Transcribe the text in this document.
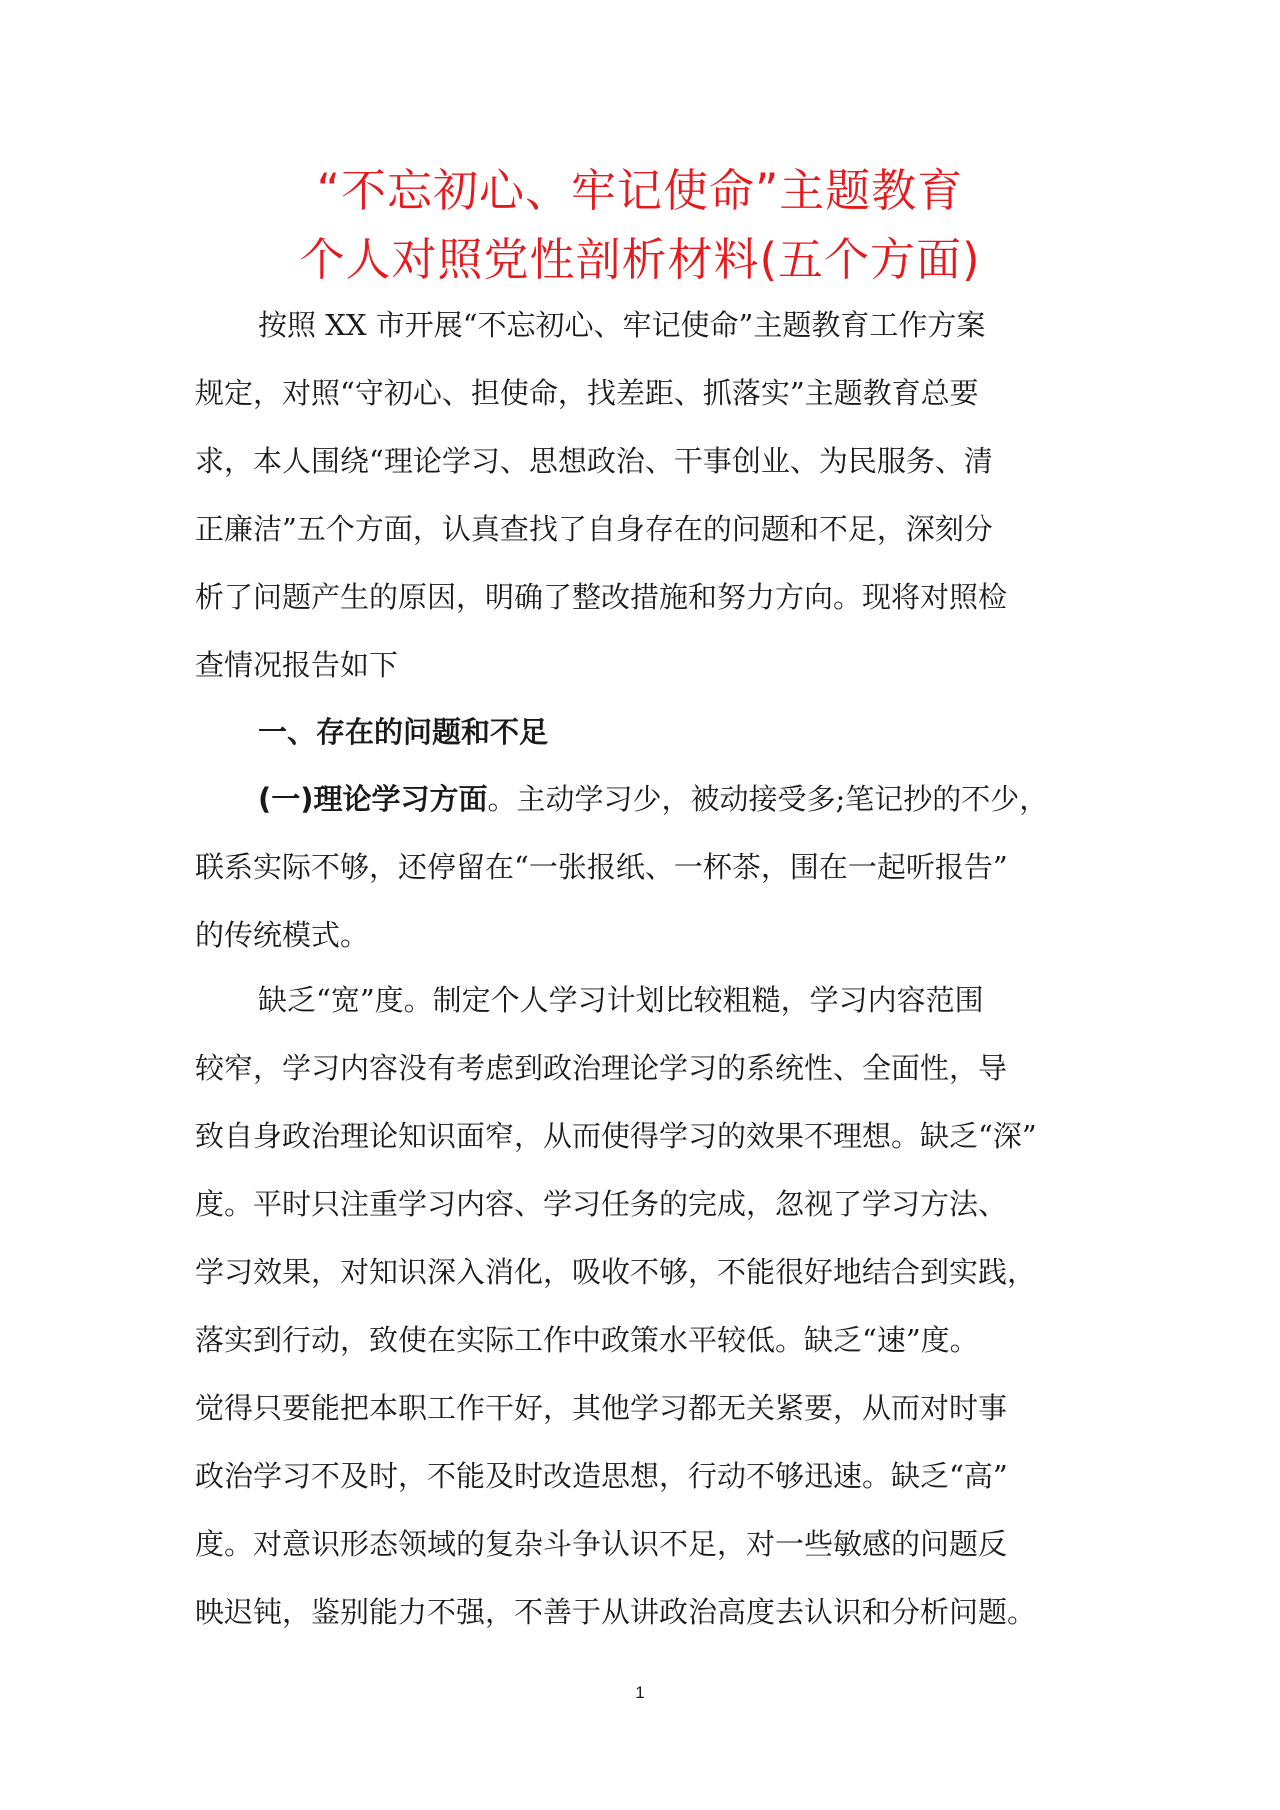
“不忘初心、牢记使命”主题教育
个人对照党性剖析材料(五个方面)
按照 XX 市开展“不忘初心、牢记使命”主题教育工作方案
规定，对照“守初心、担使命，找差距、抓落实”主题教育总要
求，本人围绕“理论学习、思想政治、干事创业、为民服务、清
正廉洁”五个方面，认真查找了自身存在的问题和不足，深刻分
析了问题产生的原因，明确了整改措施和努力方向。现将对照检
查情况报告如下
一、存在的问题和不足
(一)理论学习方面。主动学习少，被动接受多;笔记抄的不少，
联系实际不够，还停留在“一张报纸、一杯茶，围在一起听报告”
的传统模式。
缺乏“宽”度。制定个人学习计划比较粗糙，学习内容范围
较窄，学习内容没有考虑到政治理论学习的系统性、全面性，导
致自身政治理论知识面窄，从而使得学习的效果不理想。缺乏“深”
度。平时只注重学习内容、学习任务的完成，忽视了学习方法、
学习效果，对知识深入消化，吸收不够，不能很好地结合到实践，
落实到行动，致使在实际工作中政策水平较低。缺乏“速”度。
觉得只要能把本职工作干好，其他学习都无关紧要，从而对时事
政治学习不及时，不能及时改造思想，行动不够迅速。缺乏“高”
度。对意识形态领域的复杂斗争认识不足，对一些敏感的问题反
映迟钝，鉴别能力不强，不善于从讲政治高度去认识和分析问题。
1
